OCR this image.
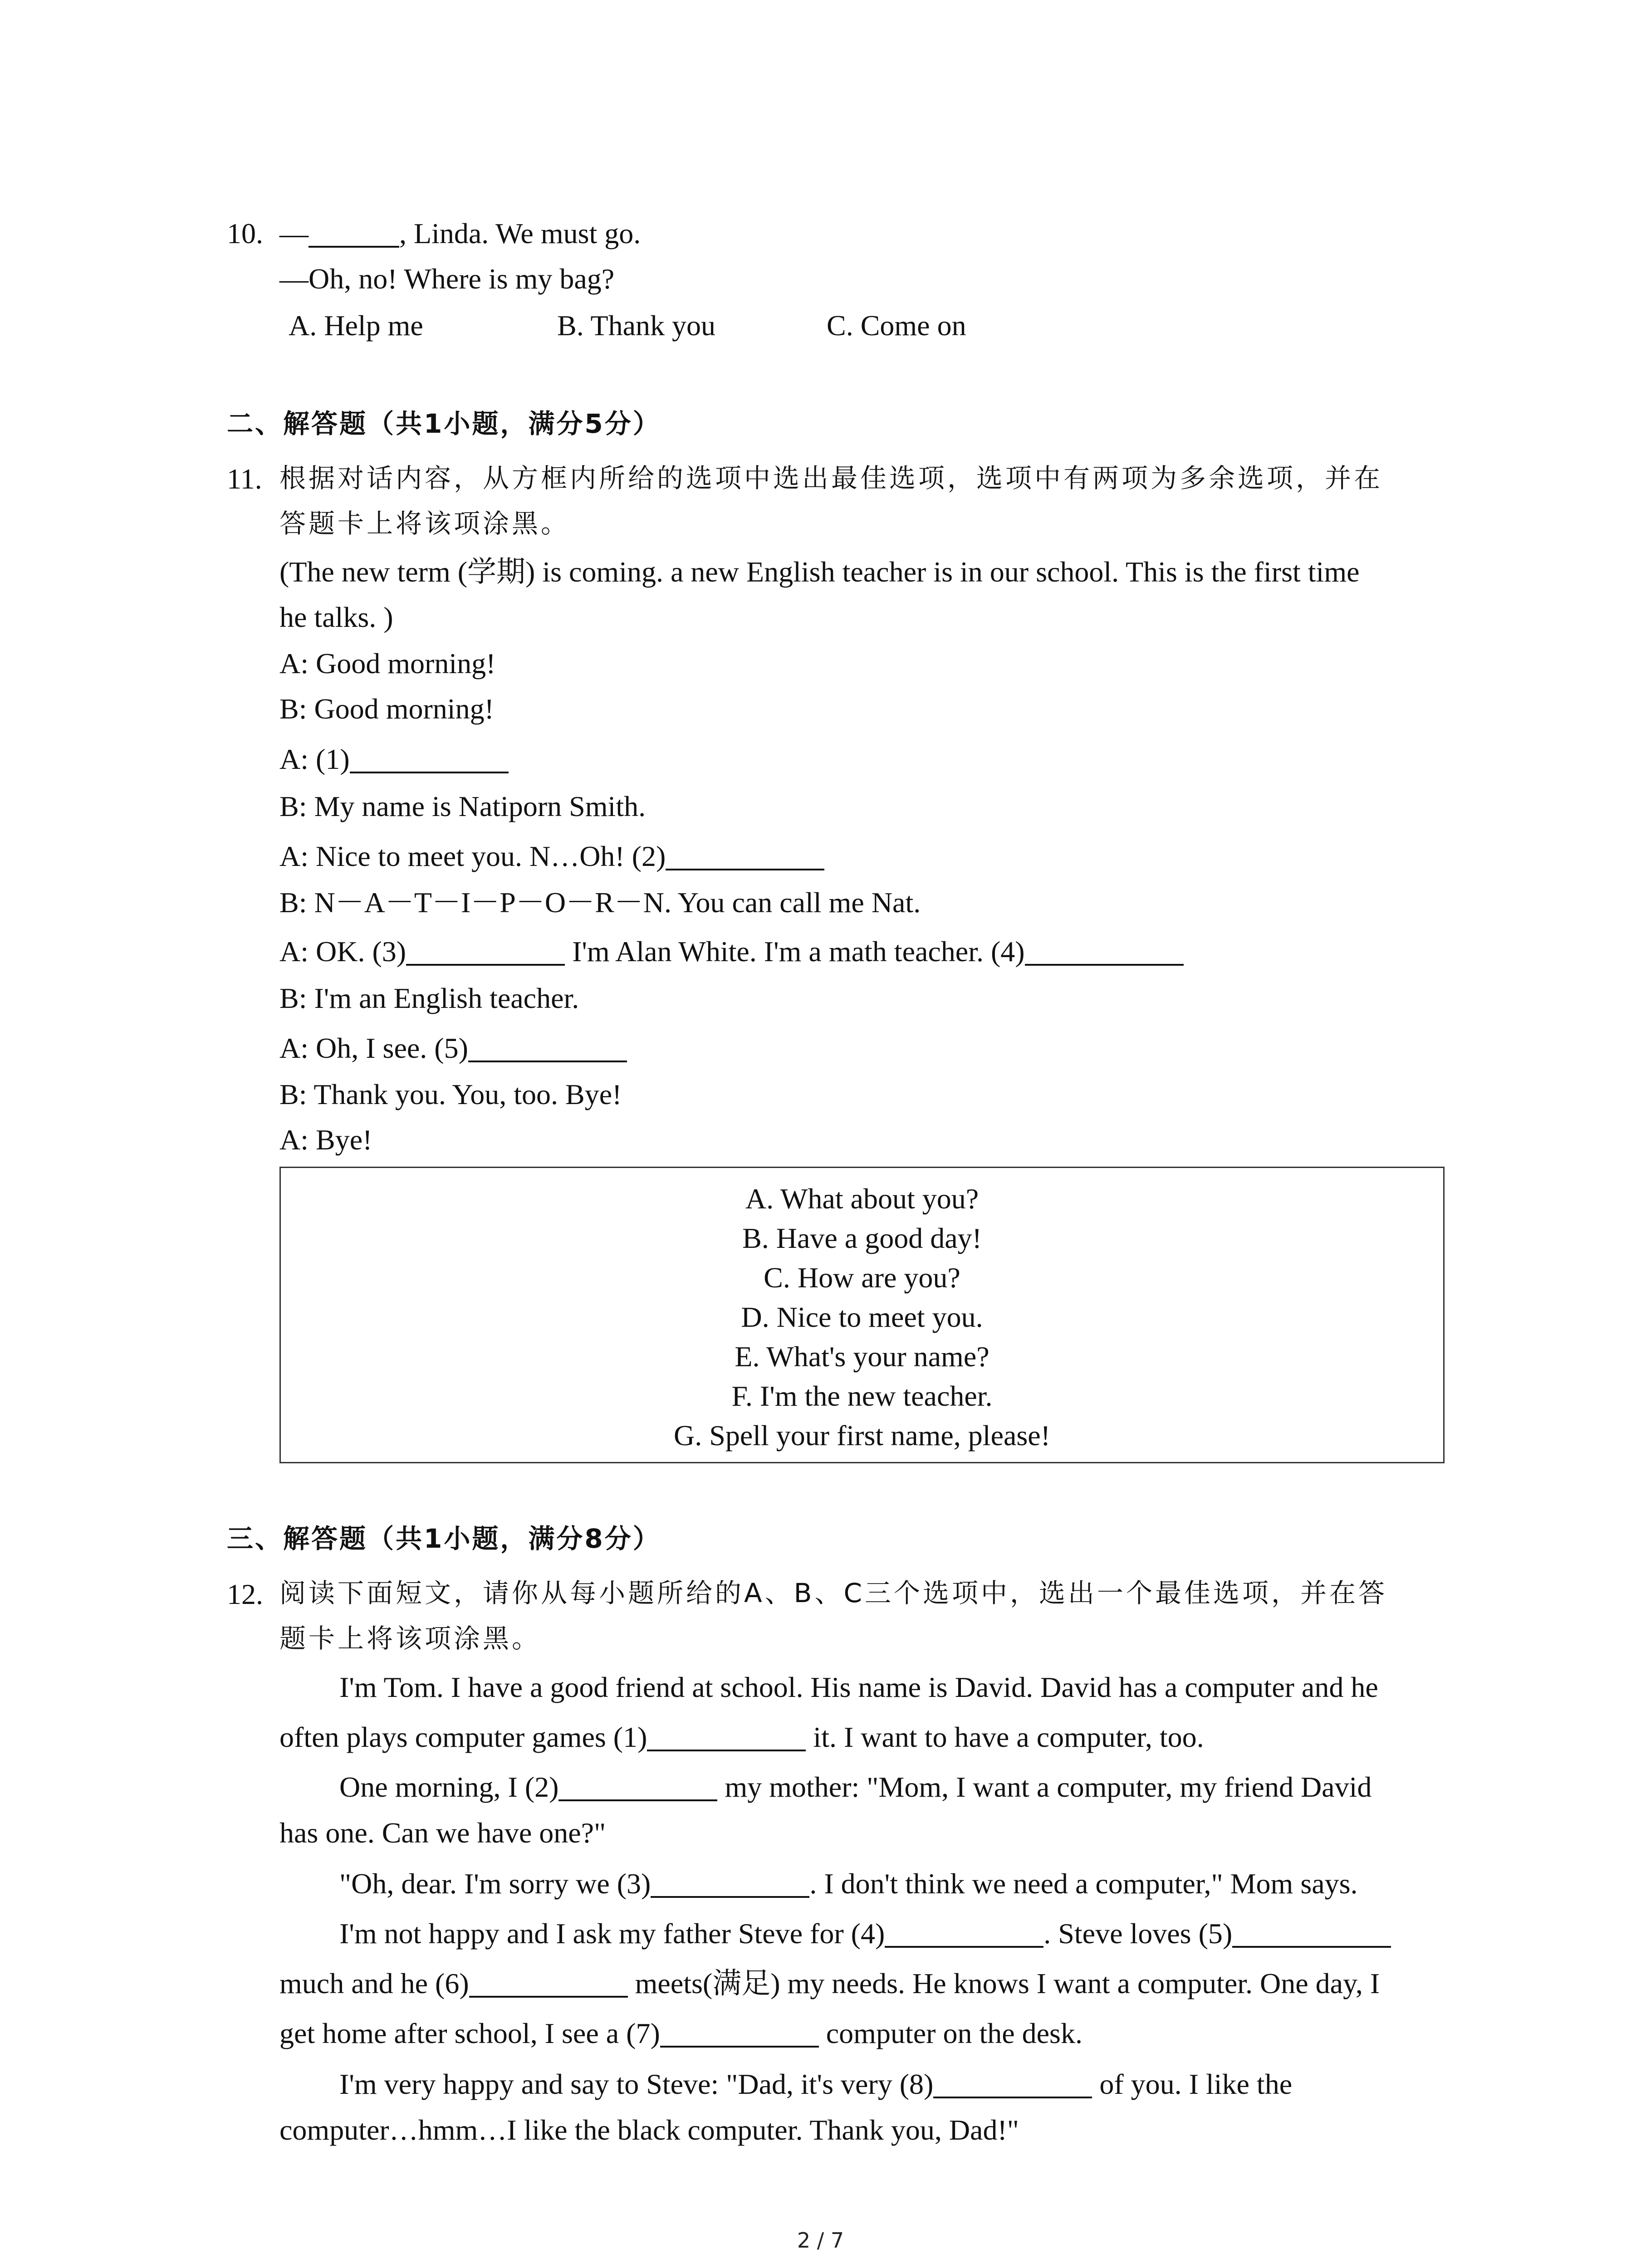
10. —	, Linda. We must go.
—Oh, no! Where is my bag?
A. Help me	B. Thank you	C. Come on
二、解答题（共1小题，满分5分）
11. 根据对话内容，从方框内所给的选项中选出最佳选项，选项中有两项为多余选项，并在
答题卡上将该项涂黑。
(The new term (学期) is coming. a new English teacher is in our school. This is the first time
he talks. )
A: Good morning!
B: Good morning!
A: (1)
B: My name is Natiporn Smith.
A: Nice to meet you. N…Oh! (2)
B: N－A－T－I－P－O－R－N. You can call me Nat.
A: OK. (3)	I'm Alan White. I'm a math teacher. (4)
B: I'm an English teacher.
A: Oh, I see. (5)
B: Thank you. You, too. Bye!
A: Bye!
A. What about you?
B. Have a good day!
C. How are you?
D. Nice to meet you.
E. What's your name?
F. I'm the new teacher.
G. Spell your first name, please!
三、解答题（共1小题，满分8分）
12. 阅读下面短文，请你从每小题所给的A、B、C三个选项中，选出一个最佳选项，并在答
题卡上将该项涂黑。
I'm Tom. I have a good friend at school. His name is David. David has a computer and he
often plays computer games (1)	it. I want to have a computer, too.
One morning, I (2)	my mother: "Mom, I want a computer, my friend David
has one. Can we have one?"
"Oh, dear. I'm sorry we (3)	. I don't think we need a computer," Mom says.
I'm not happy and I ask my father Steve for (4)	. Steve loves (5)
much and he (6)	meets(满足) my needs. He knows I want a computer. One day, I
get home after school, I see a (7)	computer on the desk.
I'm very happy and say to Steve: "Dad, it's very (8)	of you. I like the
computer…hmm…I like the black computer. Thank you, Dad!"
2 / 7
